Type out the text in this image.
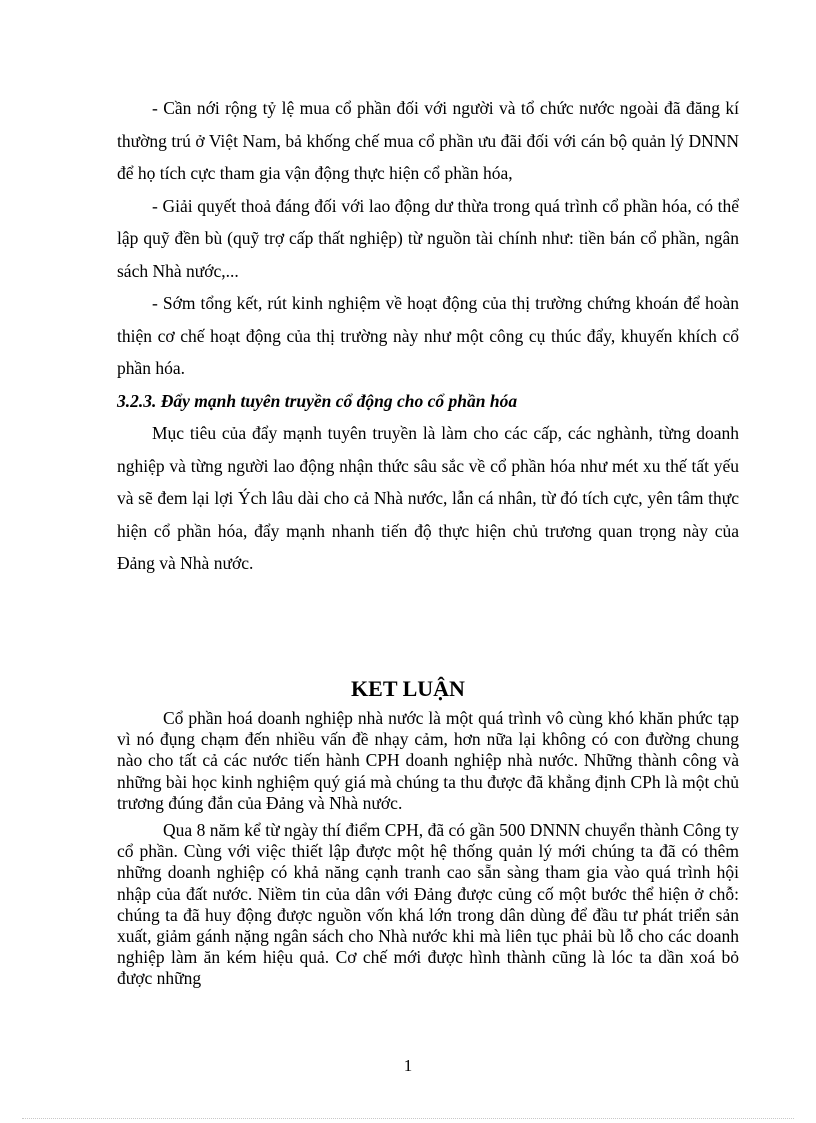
- Cần nới rộng tỷ lệ mua cổ phần đối với người và tổ chức nước ngoài đã đăng kí thường trú ở Việt Nam, bả khống chế mua cổ phần ưu đãi đối với cán bộ quản lý DNNN để họ tích cực tham gia vận động thực hiện cổ phần hóa,

- Giải quyết thoả đáng đối với lao động dư thừa trong quá trình cổ phần hóa, có thể lập quỹ đền bù (quỹ trợ cấp thất nghiệp) từ nguồn tài chính như: tiền bán cổ phần, ngân sách Nhà nước,...

- Sớm tổng kết, rút kinh nghiệm về hoạt động của thị trường chứng khoán để hoàn thiện cơ chế hoạt động của thị trường này như một công cụ thúc đẩy, khuyến khích cổ phần hóa.

3.2.3. Đẩy mạnh tuyên truyền cổ động cho cổ phần hóa

Mục tiêu của đẩy mạnh tuyên truyền là làm cho các cấp, các nghành, từng doanh nghiệp và từng người lao động nhận thức sâu sắc về cổ phần hóa như mét xu thế tất yếu và sẽ đem lại lợi Ých lâu dài cho cả Nhà nước, lẫn cá nhân, từ đó tích cực, yên tâm thực hiện cổ phần hóa, đẩy mạnh nhanh tiến độ thực hiện chủ trương quan trọng này của Đảng và Nhà nước.

KET LUẬN

Cổ phần hoá doanh nghiệp nhà nước là một quá trình vô cùng khó khăn phức tạp vì nó đụng chạm đến nhiều vấn đề nhạy cảm, hơn nữa lại không có con đường chung nào cho tất cả các nước tiến hành CPH doanh nghiệp nhà nước. Những thành công và những bài học kinh nghiệm quý giá mà chúng ta thu được đã khẳng định CPh là một chủ trương đúng đắn của Đảng và Nhà nước.

Qua 8 năm kể từ ngày thí điểm CPH, đã có gần 500 DNNN chuyển thành Công ty cổ phần. Cùng với việc thiết lập được một hệ thống quản lý mới chúng ta đã có thêm những doanh nghiệp có khả năng cạnh tranh cao sẵn sàng tham gia vào quá trình hội nhập của đất nước. Niềm tin của dân với Đảng được củng cố một bước thể hiện ở chỗ: chúng ta đã huy động được nguồn vốn khá lớn trong dân dùng để đầu tư phát triển sản xuất, giảm gánh nặng ngân sách cho Nhà nước khi mà liên tục phải bù lỗ cho các doanh nghiệp làm ăn kém hiệu quả. Cơ chế mới được hình thành cũng là lóc ta dần xoá bỏ được những

1
